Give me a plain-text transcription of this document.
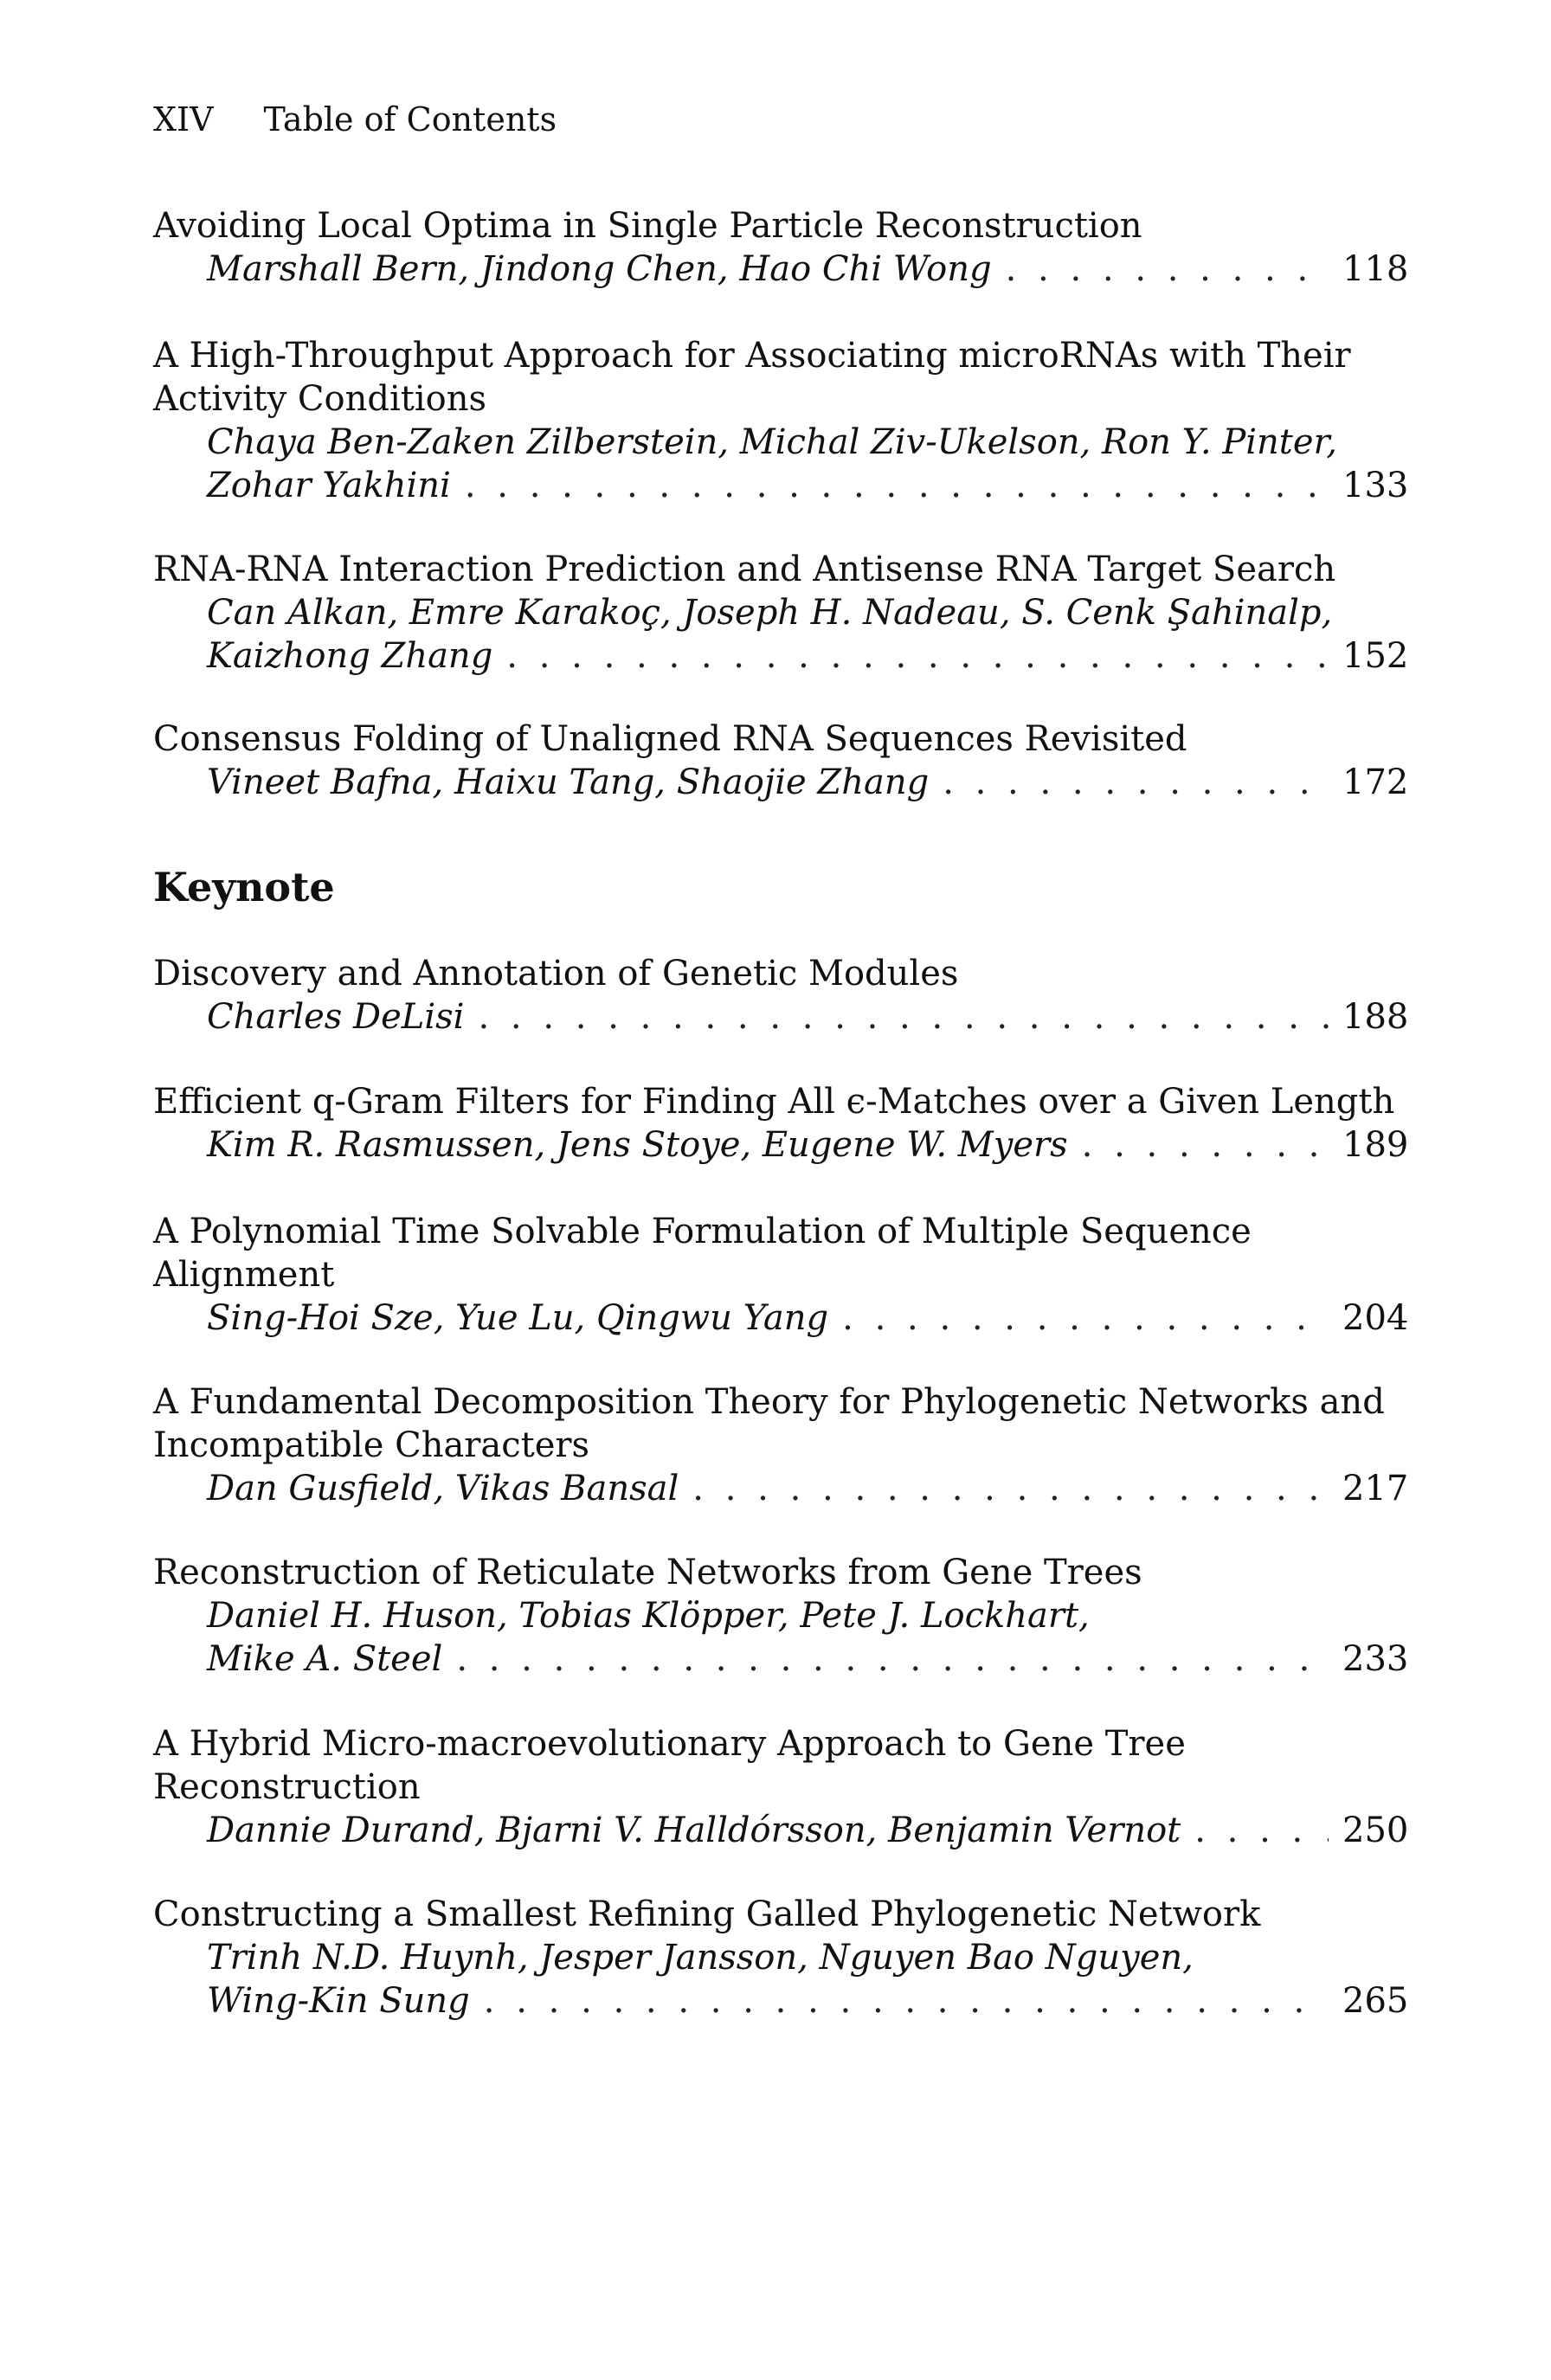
XIV Table of Contents
Keynote
Avoiding Local Optima in Single Particle Reconstruction
Marshall Bern, Jindong Chen, Hao Chi Wong . . .	118
A High-Throughput Approach for Associating microRNAs with Their
Activity Conditions
Chaya Ben-Zaken Zilberstein, Michal Ziv-Ukelson, Ron Y. Pinter,
Zohar Yakhini . . .	133
RNA-RNA Interaction Prediction and Antisense RNA Target Search
Can Alkan, Emre Karakoç, Joseph H. Nadeau, S. Cenk Şahinalp,
Kaizhong Zhang . . .	152
Consensus Folding of Unaligned RNA Sequences Revisited
Vineet Bafna, Haixu Tang, Shaojie Zhang . . .	172
Discovery and Annotation of Genetic Modules
Charles DeLisi . . .	188
Efficient q-Gram Filters for Finding All ϵ-Matches over a Given Length
Kim R. Rasmussen, Jens Stoye, Eugene W. Myers . . .	189
A Polynomial Time Solvable Formulation of Multiple Sequence
Alignment
Sing-Hoi Sze, Yue Lu, Qingwu Yang . . .	204
A Fundamental Decomposition Theory for Phylogenetic Networks and
Incompatible Characters
Dan Gusfield, Vikas Bansal . . .	217
Reconstruction of Reticulate Networks from Gene Trees
Daniel H. Huson, Tobias Klöpper, Pete J. Lockhart,
Mike A. Steel . . .	233
A Hybrid Micro-macroevolutionary Approach to Gene Tree
Reconstruction
Dannie Durand, Bjarni V. Halldórsson, Benjamin Vernot . . .	250
Constructing a Smallest Refining Galled Phylogenetic Network
Trinh N.D. Huynh, Jesper Jansson, Nguyen Bao Nguyen,
Wing-Kin Sung . . .	265
